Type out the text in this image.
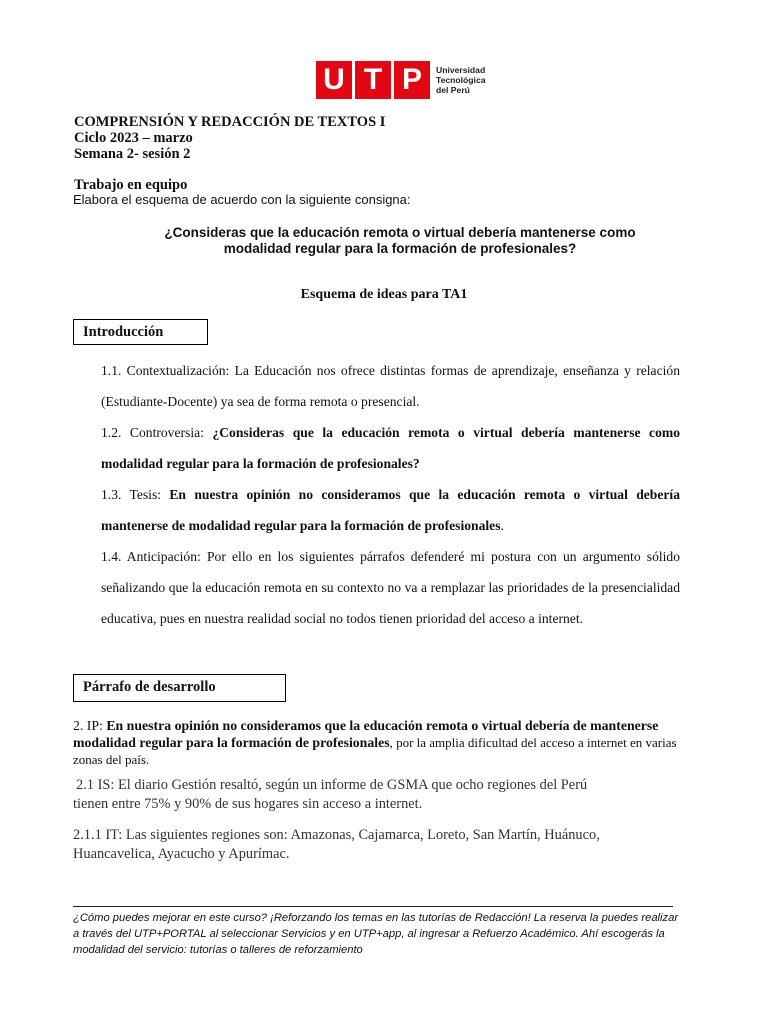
U T P	Universidad
Tecnológica
del Perú
COMPRENSIÓN Y REDACCIÓN DE TEXTOS I
Ciclo 2023 – marzo
Semana 2- sesión 2
Trabajo en equipo
Elabora el esquema de acuerdo con la siguiente consigna:
¿Consideras que la educación remota o virtual debería mantenerse como
modalidad regular para la formación de profesionales?
Esquema de ideas para TA1
Introducción
1.1. Contextualización: La Educación nos ofrece distintas formas de aprendizaje, enseñanza y relación (Estudiante-Docente) ya sea de forma remota o presencial.
1.2. Controversia: ¿Consideras que la educación remota o virtual debería mantenerse como modalidad regular para la formación de profesionales?
1.3. Tesis: En nuestra opinión no consideramos que la educación remota o virtual debería mantenerse de modalidad regular para la formación de profesionales.
1.4. Anticipación: Por ello en los siguientes párrafos defenderé mi postura con un argumento sólido señalizando que la educación remota en su contexto no va a remplazar las prioridades de la presencialidad educativa, pues en nuestra realidad social no todos tienen prioridad del acceso a internet.
Párrafo de desarrollo
2. IP: En nuestra opinión no consideramos que la educación remota o virtual debería de mantenerse modalidad regular para la formación de profesionales, por la amplia dificultad del acceso a internet en varias zonas del país.
2.1 IS: El diario Gestión resaltó, según un informe de GSMA que ocho regiones del Perú
tienen entre 75% y 90% de sus hogares sin acceso a internet.
2.1.1 IT: Las siguientes regiones son: Amazonas, Cajamarca, Loreto, San Martín, Huánuco,
Huancavelica, Ayacucho y Apurímac.
¿Cómo puedes mejorar en este curso? ¡Reforzando los temas en las tutorías de Redacción! La reserva la puedes realizar a través del UTP+PORTAL al seleccionar Servicios y en UTP+app, al ingresar a Refuerzo Académico. Ahí escogerás la modalidad del servicio: tutorías o talleres de reforzamiento
